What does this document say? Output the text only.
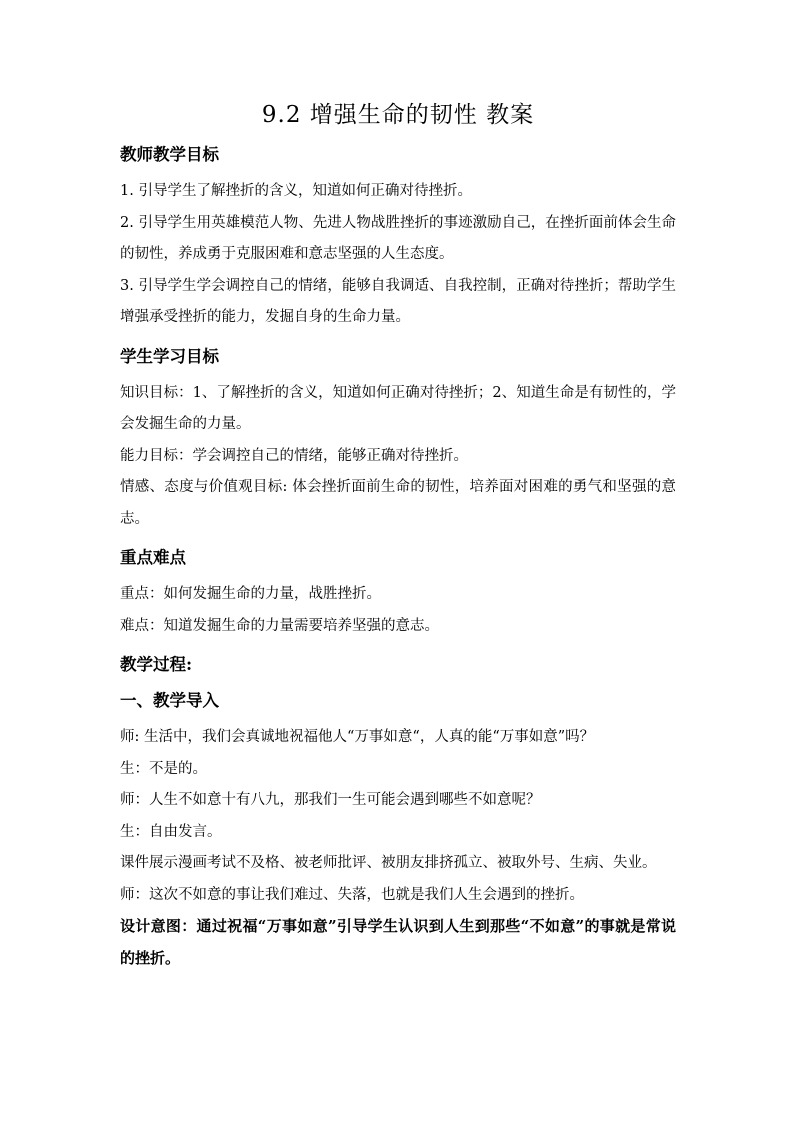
9.2 增强生命的韧性 教案
教师教学目标

1. 引导学生了解挫折的含义，知道如何正确对待挫折。

2. 引导学生用英雄模范人物、先进人物战胜挫折的事迹激励自己，在挫折面前体会生命的韧性，养成勇于克服困难和意志坚强的人生态度。

3. 引导学生学会调控自己的情绪，能够自我调适、自我控制，正确对待挫折；帮助学生增强承受挫折的能力，发掘自身的生命力量。

学生学习目标

知识目标：1、了解挫折的含义，知道如何正确对待挫折；2、知道生命是有韧性的，学会发掘生命的力量。

能力目标：学会调控自己的情绪，能够正确对待挫折。

情感、态度与价值观目标: 体会挫折面前生命的韧性，培养面对困难的勇气和坚强的意志。

重点难点

重点：如何发掘生命的力量，战胜挫折。

难点：知道发掘生命的力量需要培养坚强的意志。

教学过程:
一、教学导入

师: 生活中，我们会真诚地祝福他人“万事如意“，人真的能“万事如意”吗？

生：不是的。

师：人生不如意十有八九，那我们一生可能会遇到哪些不如意呢？

生：自由发言。

课件展示漫画考试不及格、被老师批评、被朋友排挤孤立、被取外号、生病、失业。

师：这次不如意的事让我们难过、失落，也就是我们人生会遇到的挫折。

设计意图：通过祝福“万事如意”引导学生认识到人生到那些“不如意”的事就是常说的挫折。
